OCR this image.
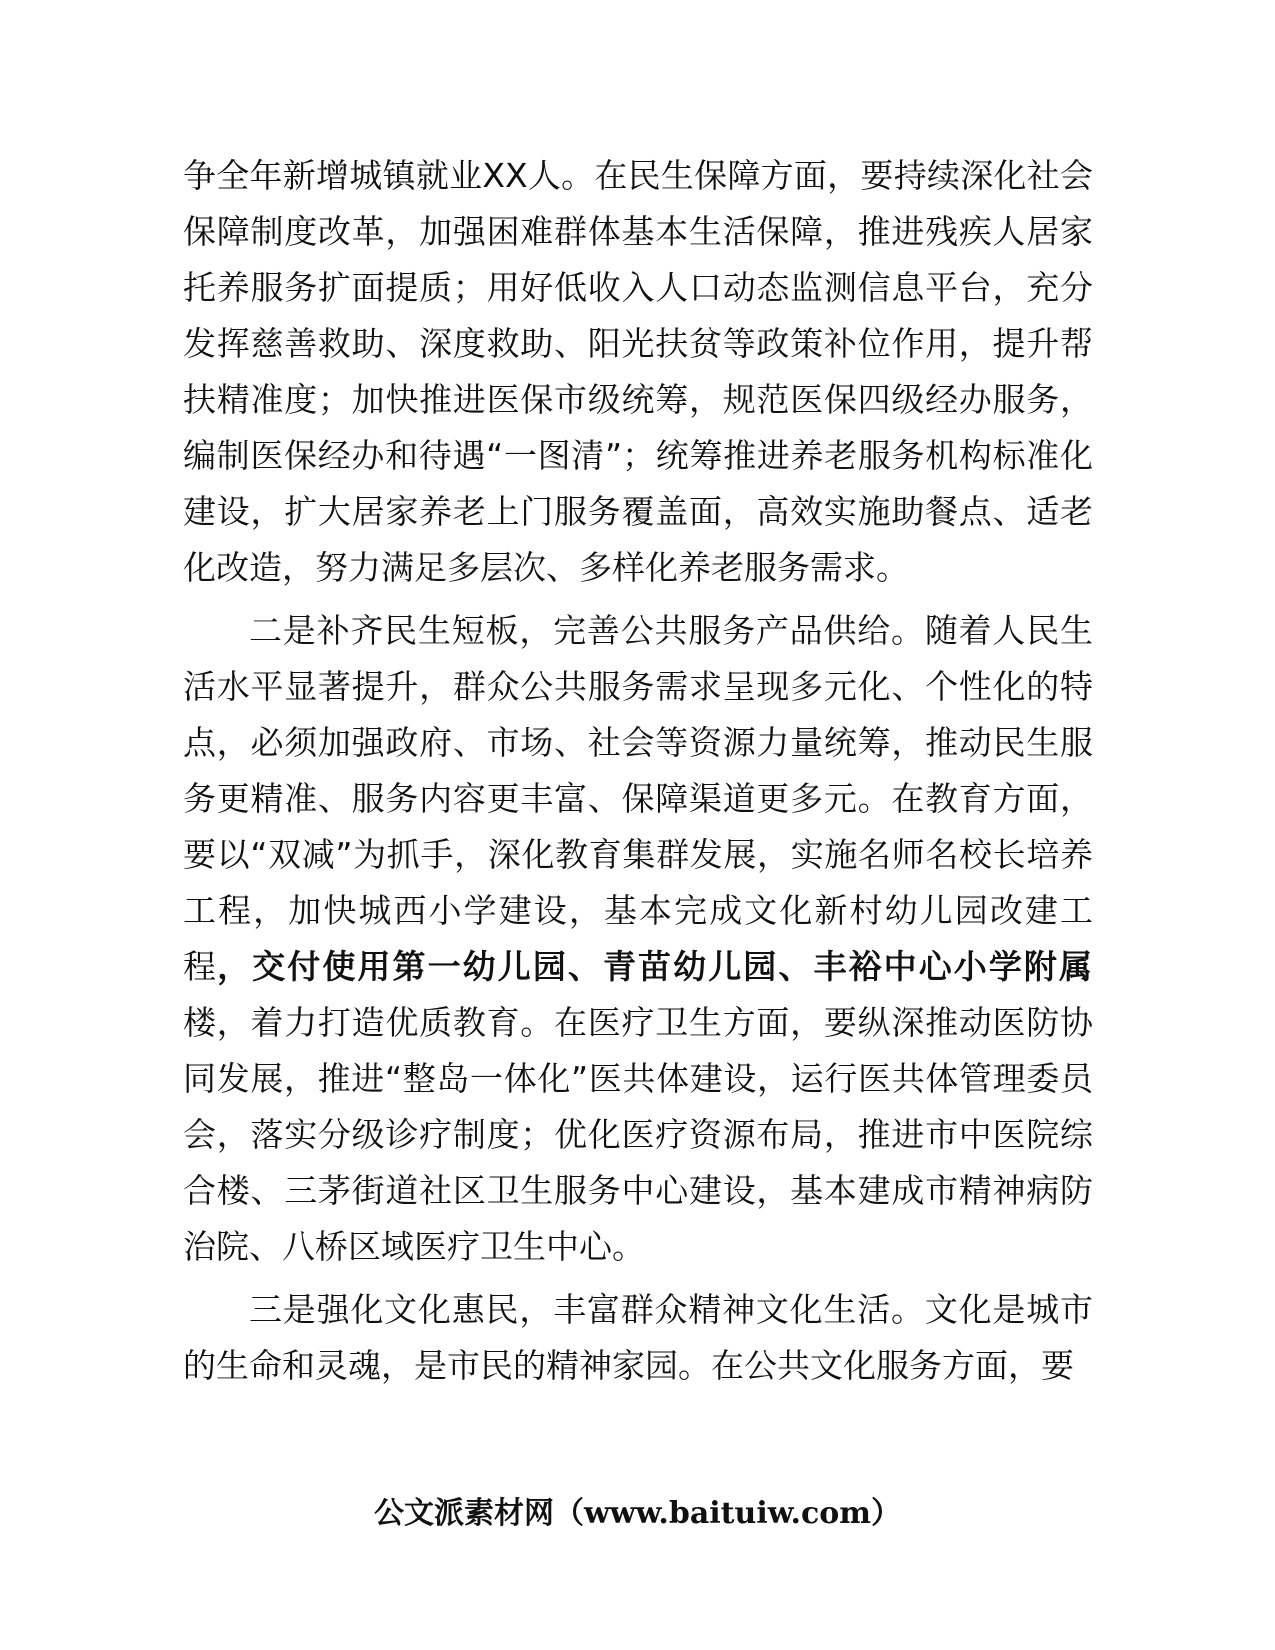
争全年新增城镇就业XX人。在民生保障方面，要持续深化社会保障制度改革，加强困难群体基本生活保障，推进残疾人居家托养服务扩面提质；用好低收入人口动态监测信息平台，充分发挥慈善救助、深度救助、阳光扶贫等政策补位作用，提升帮扶精准度；加快推进医保市级统筹，规范医保四级经办服务，编制医保经办和待遇“一图清”；统筹推进养老服务机构标准化建设，扩大居家养老上门服务覆盖面，高效实施助餐点、适老化改造，努力满足多层次、多样化养老服务需求。

二是补齐民生短板，完善公共服务产品供给。随着人民生活水平显著提升，群众公共服务需求呈现多元化、个性化的特点，必须加强政府、市场、社会等资源力量统筹，推动民生服务更精准、服务内容更丰富、保障渠道更多元。在教育方面，要以“双减”为抓手，深化教育集群发展，实施名师名校长培养工程，加快城西小学建设，基本完成文化新村幼儿园改建工程，交付使用第一幼儿园、青苗幼儿园、丰裕中心小学附属楼，着力打造优质教育。在医疗卫生方面，要纵深推动医防协同发展，推进“整岛一体化”医共体建设，运行医共体管理委员会，落实分级诊疗制度；优化医疗资源布局，推进市中医院综合楼、三茅街道社区卫生服务中心建设，基本建成市精神病防治院、八桥区域医疗卫生中心。

三是强化文化惠民，丰富群众精神文化生活。文化是城市的生命和灵魂，是市民的精神家园。在公共文化服务方面，要

公文派素材网（www.baituiw.com）
